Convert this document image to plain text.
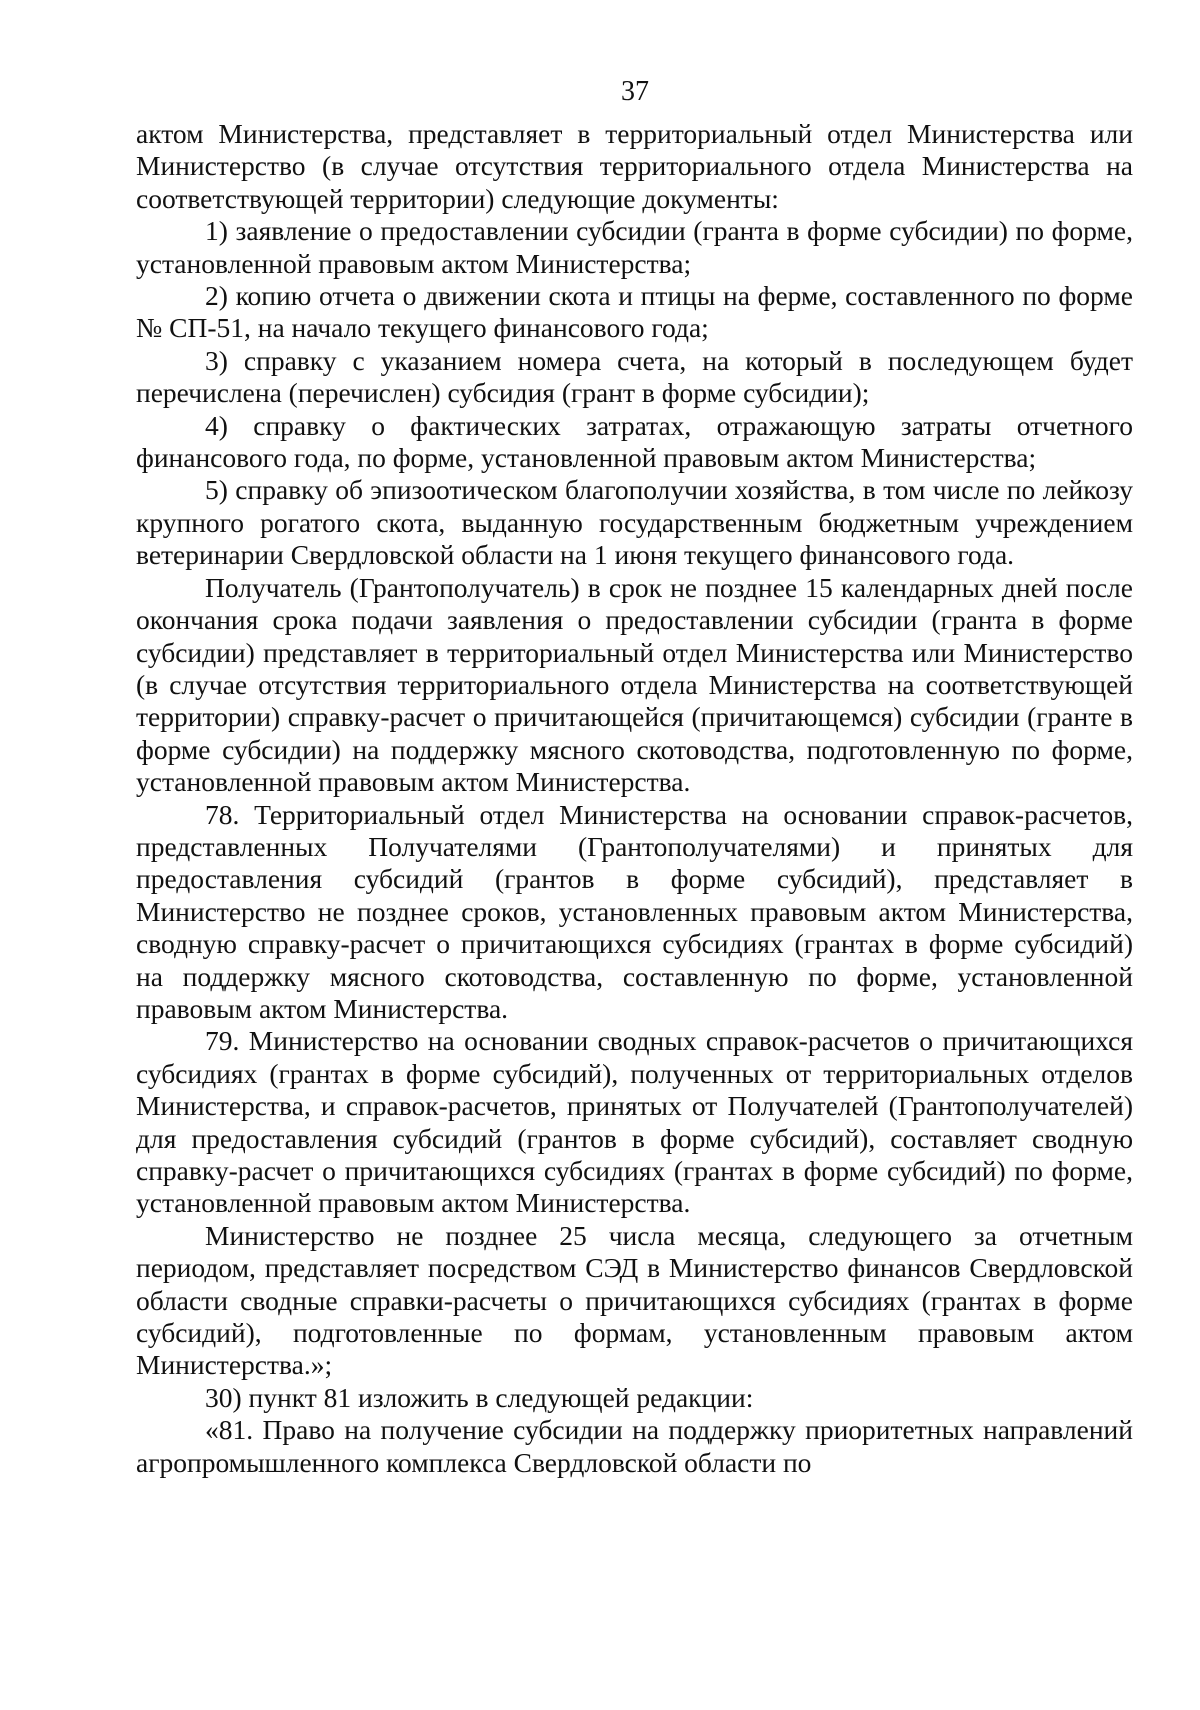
37

актом Министерства, представляет в территориальный отдел Министерства или Министерство (в случае отсутствия территориального отдела Министерства на соответствующей территории) следующие документы:

1) заявление о предоставлении субсидии (гранта в форме субсидии) по форме, установленной правовым актом Министерства;

2) копию отчета о движении скота и птицы на ферме, составленного по форме № СП-51, на начало текущего финансового года;

3) справку с указанием номера счета, на который в последующем будет перечислена (перечислен) субсидия (грант в форме субсидии);

4) справку о фактических затратах, отражающую затраты отчетного финансового года, по форме, установленной правовым актом Министерства;

5) справку об эпизоотическом благополучии хозяйства, в том числе по лейкозу крупного рогатого скота, выданную государственным бюджетным учреждением ветеринарии Свердловской области на 1 июня текущего финансового года.

Получатель (Грантополучатель) в срок не позднее 15 календарных дней после окончания срока подачи заявления о предоставлении субсидии (гранта в форме субсидии) представляет в территориальный отдел Министерства или Министерство (в случае отсутствия территориального отдела Министерства на соответствующей территории) справку-расчет о причитающейся (причитающемся) субсидии (гранте в форме субсидии) на поддержку мясного скотоводства, подготовленную по форме, установленной правовым актом Министерства.

78. Территориальный отдел Министерства на основании справок-расчетов, представленных Получателями (Грантополучателями) и принятых для предоставления субсидий (грантов в форме субсидий), представляет в Министерство не позднее сроков, установленных правовым актом Министерства, сводную справку-расчет о причитающихся субсидиях (грантах в форме субсидий) на поддержку мясного скотоводства, составленную по форме, установленной правовым актом Министерства.

79. Министерство на основании сводных справок-расчетов о причитающихся субсидиях (грантах в форме субсидий), полученных от территориальных отделов Министерства, и справок-расчетов, принятых от Получателей (Грантополучателей) для предоставления субсидий (грантов в форме субсидий), составляет сводную справку-расчет о причитающихся субсидиях (грантах в форме субсидий) по форме, установленной правовым актом Министерства.

Министерство не позднее 25 числа месяца, следующего за отчетным периодом, представляет посредством СЭД в Министерство финансов Свердловской области сводные справки-расчеты о причитающихся субсидиях (грантах в форме субсидий), подготовленные по формам, установленным правовым актом Министерства.»;

30) пункт 81 изложить в следующей редакции:

«81. Право на получение субсидии на поддержку приоритетных направлений агропромышленного комплекса Свердловской области по
